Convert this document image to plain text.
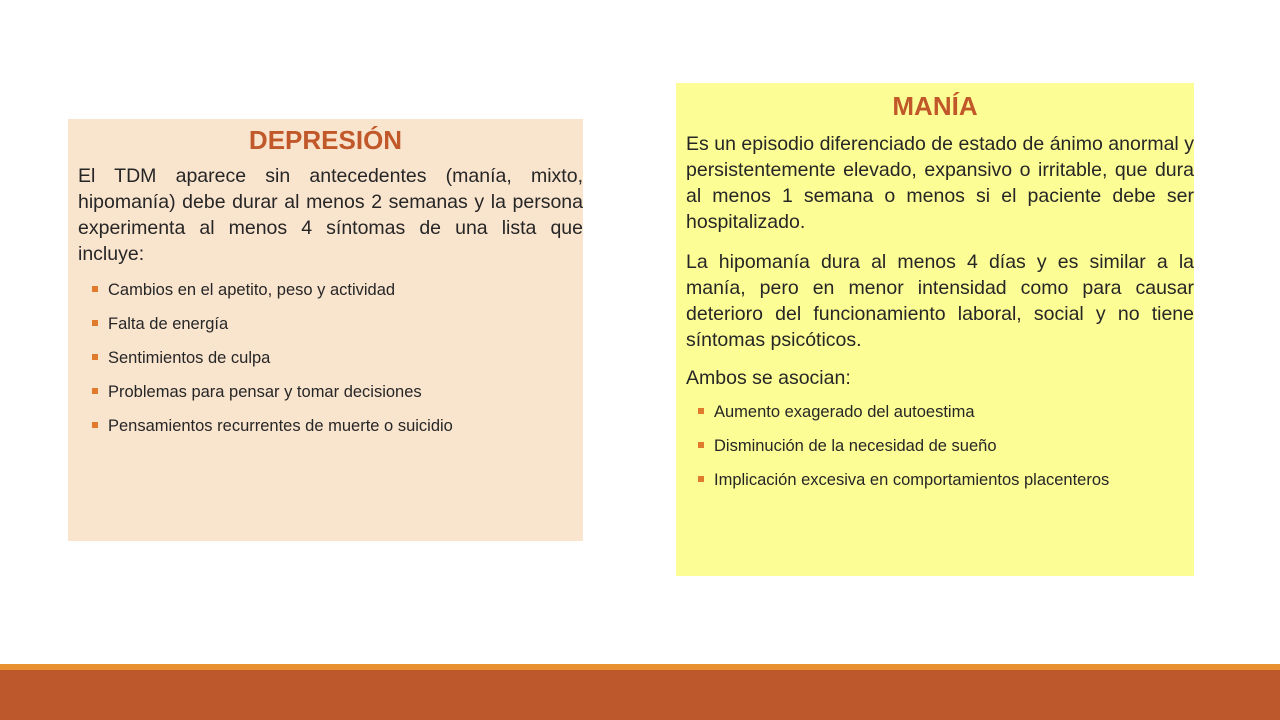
DEPRESIÓN

El TDM aparece sin antecedentes (manía, mixto, hipomanía) debe durar al menos 2 semanas y la persona experimenta al menos 4 síntomas de una lista que incluye:

Cambios en el apetito, peso y actividad
Falta de energía
Sentimientos de culpa
Problemas para pensar y tomar decisiones
Pensamientos recurrentes de muerte o suicidio
MANÍA

Es un episodio diferenciado de estado de ánimo anormal y persistentemente elevado, expansivo o irritable, que dura al menos 1 semana o menos si el paciente debe ser hospitalizado.

La hipomanía dura al menos 4 días y es similar a la manía, pero en menor intensidad como para causar deterioro del funcionamiento laboral, social y no tiene síntomas psicóticos.

Ambos se asocian:

Aumento exagerado del autoestima
Disminución de la necesidad de sueño
Implicación excesiva en comportamientos placenteros
